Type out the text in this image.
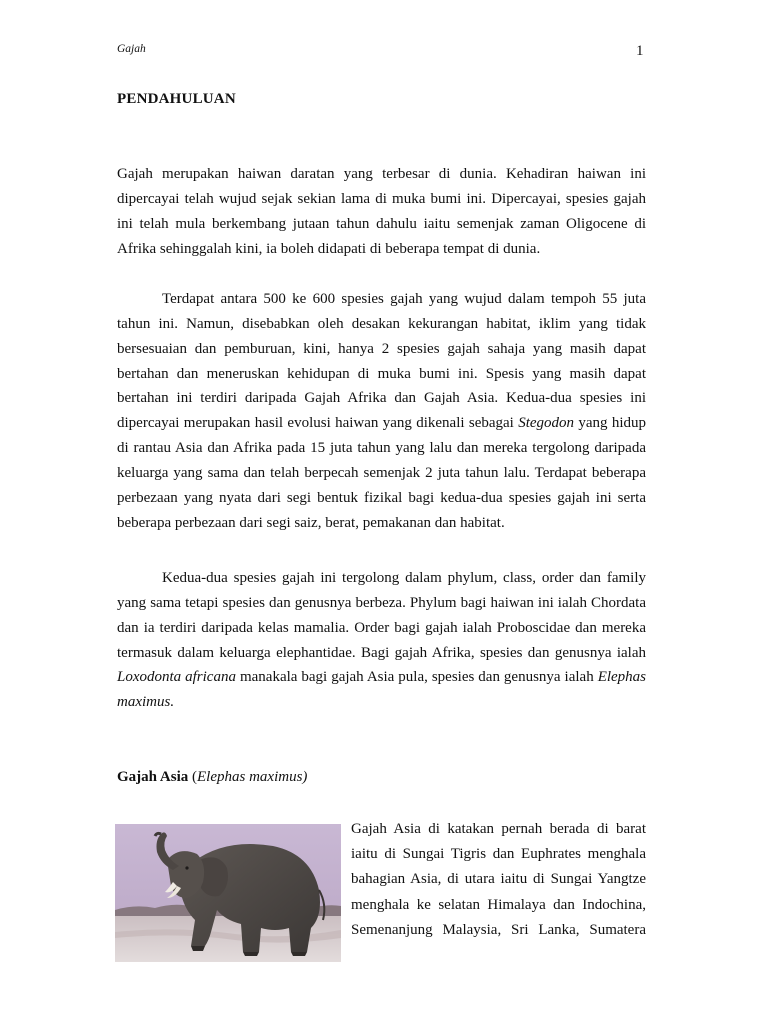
Gajah	1
PENDAHULUAN

Gajah merupakan haiwan daratan yang terbesar di dunia. Kehadiran haiwan ini dipercayai telah wujud sejak sekian lama di muka bumi ini. Dipercayai, spesies gajah ini telah mula berkembang jutaan tahun dahulu iaitu semenjak zaman Oligocene di Afrika sehinggalah kini, ia boleh didapati di beberapa tempat di dunia.

Terdapat antara 500 ke 600 spesies gajah yang wujud dalam tempoh 55 juta tahun ini. Namun, disebabkan oleh desakan kekurangan habitat, iklim yang tidak bersesuaian dan pemburuan, kini, hanya 2 spesies gajah sahaja yang masih dapat bertahan dan meneruskan kehidupan di muka bumi ini. Spesis yang masih dapat bertahan ini terdiri daripada Gajah Afrika dan Gajah Asia. Kedua-dua spesies ini dipercayai merupakan hasil evolusi haiwan yang dikenali sebagai Stegodon yang hidup di rantau Asia dan Afrika pada 15 juta tahun yang lalu dan mereka tergolong daripada keluarga yang sama dan telah berpecah semenjak 2 juta tahun lalu. Terdapat beberapa perbezaan yang nyata dari segi bentuk fizikal bagi kedua-dua spesies gajah ini serta beberapa perbezaan dari segi saiz, berat, pemakanan dan habitat.

Kedua-dua spesies gajah ini tergolong dalam phylum, class, order dan family yang sama tetapi spesies dan genusnya berbeza. Phylum bagi haiwan ini ialah Chordata dan ia terdiri daripada kelas mamalia. Order bagi gajah ialah Proboscidae dan mereka termasuk dalam keluarga elephantidae. Bagi gajah Afrika, spesies dan genusnya ialah Loxodonta africana manakala bagi gajah Asia pula, spesies dan genusnya ialah Elephas maximus.

Gajah Asia (Elephas maximus)
Gajah Asia di katakan pernah berada di barat
iaitu di Sungai Tigris dan Euphrates menghala
bahagian Asia, di utara iaitu di Sungai Yangtze
menghala ke selatan Himalaya dan Indochina,
Semenanjung Malaysia, Sri Lanka, Sumatera
